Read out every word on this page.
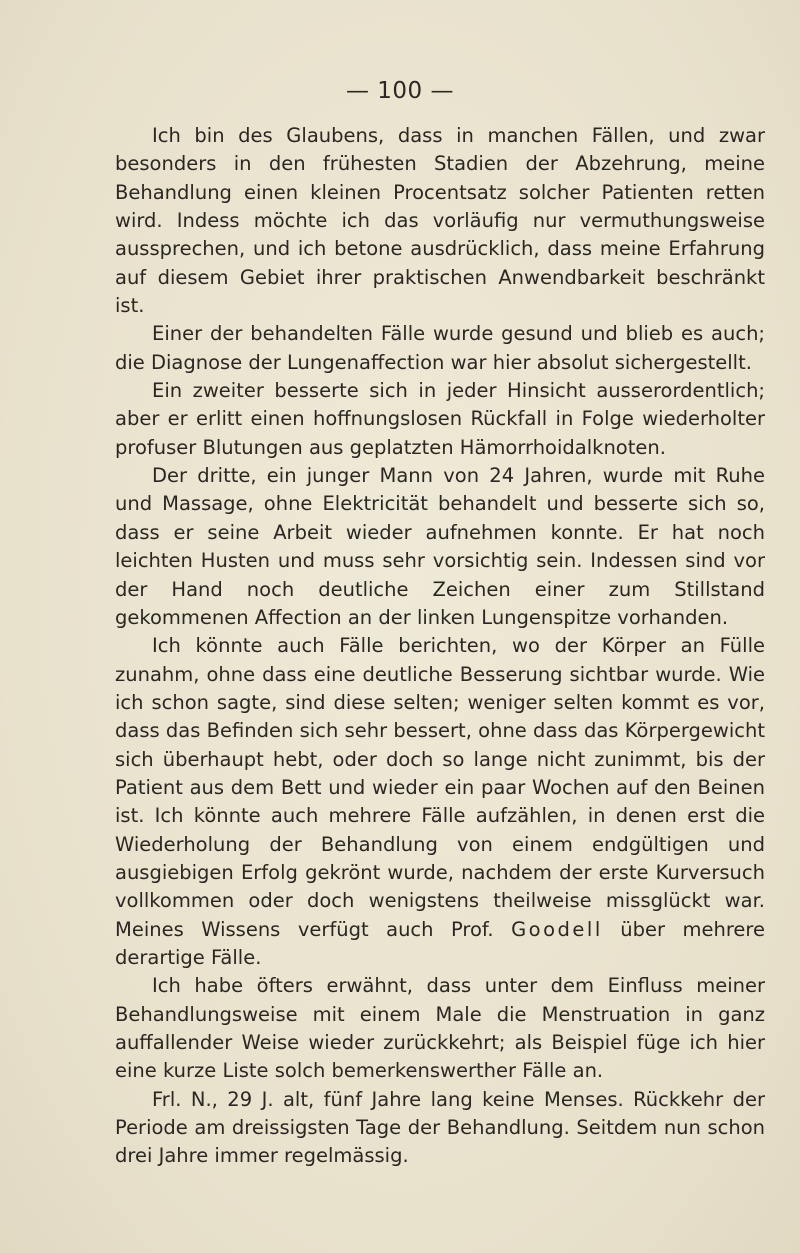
— 100 —

Ich bin des Glaubens, dass in manchen Fällen, und zwar besonders in den frühesten Stadien der Abzehrung, meine Behandlung einen kleinen Procentsatz solcher Patienten retten wird. Indess möchte ich das vorläufig nur vermuthungsweise aussprechen, und ich betone ausdrücklich, dass meine Erfahrung auf diesem Gebiet ihrer praktischen Anwendbarkeit beschränkt ist.

Einer der behandelten Fälle wurde gesund und blieb es auch; die Diagnose der Lungenaffection war hier absolut sichergestellt.

Ein zweiter besserte sich in jeder Hinsicht ausserordentlich; aber er erlitt einen hoffnungslosen Rückfall in Folge wiederholter profuser Blutungen aus geplatzten Hämorrhoidalknoten.

Der dritte, ein junger Mann von 24 Jahren, wurde mit Ruhe und Massage, ohne Elektricität behandelt und besserte sich so, dass er seine Arbeit wieder aufnehmen konnte. Er hat noch leichten Husten und muss sehr vorsichtig sein. Indessen sind vor der Hand noch deutliche Zeichen einer zum Stillstand gekommenen Affection an der linken Lungenspitze vorhanden.

Ich könnte auch Fälle berichten, wo der Körper an Fülle zunahm, ohne dass eine deutliche Besserung sichtbar wurde. Wie ich schon sagte, sind diese selten; weniger selten kommt es vor, dass das Befinden sich sehr bessert, ohne dass das Körpergewicht sich überhaupt hebt, oder doch so lange nicht zunimmt, bis der Patient aus dem Bett und wieder ein paar Wochen auf den Beinen ist. Ich könnte auch mehrere Fälle aufzählen, in denen erst die Wiederholung der Behandlung von einem endgültigen und ausgiebigen Erfolg gekrönt wurde, nachdem der erste Kurversuch vollkommen oder doch wenigstens theilweise missglückt war. Meines Wissens verfügt auch Prof. Goodell über mehrere derartige Fälle.

Ich habe öfters erwähnt, dass unter dem Einfluss meiner Behandlungsweise mit einem Male die Menstruation in ganz auffallender Weise wieder zurückkehrt; als Beispiel füge ich hier eine kurze Liste solch bemerkenswerther Fälle an.

Frl. N., 29 J. alt, fünf Jahre lang keine Menses. Rückkehr der Periode am dreissigsten Tage der Behandlung. Seitdem nun schon drei Jahre immer regelmässig.
